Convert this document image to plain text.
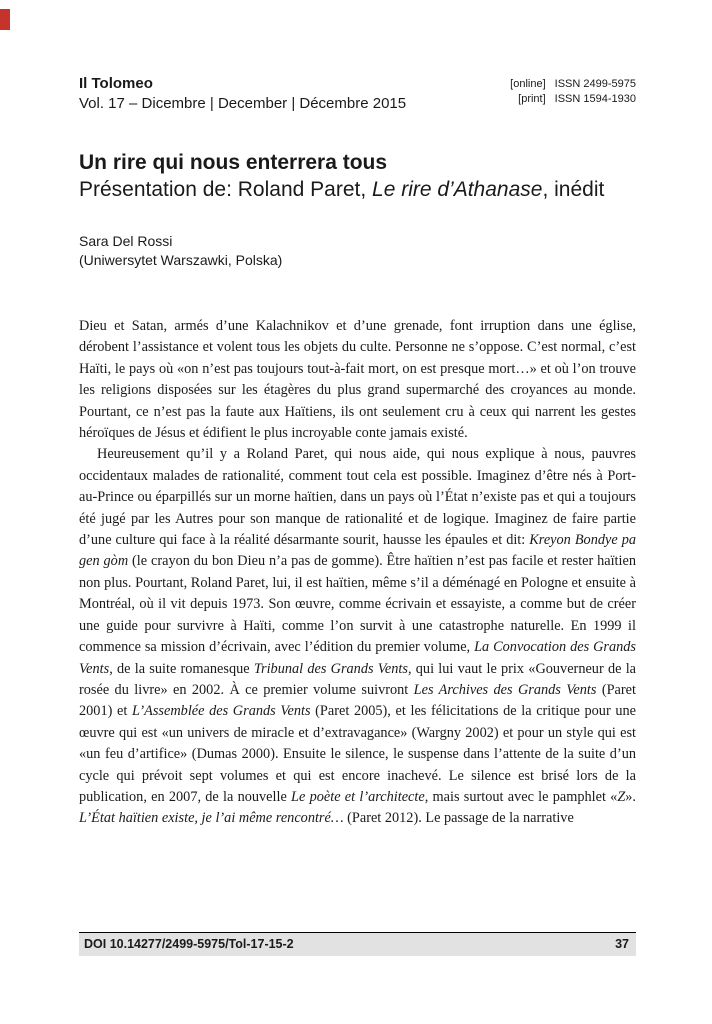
Il Tolomeo
Vol. 17 – Dicembre | December | Décembre 2015
[online] ISSN 2499-5975
[print] ISSN 1594-1930
Un rire qui nous enterrera tous
Présentation de: Roland Paret, Le rire d’Athanase, inédit
Sara Del Rossi
(Uniwersytet Warszawki, Polska)

Dieu et Satan, armés d’une Kalachnikov et d’une grenade, font irruption dans une église, dérobent l’assistance et volent tous les objets du culte. Personne ne s’oppose. C’est normal, c’est Haïti, le pays où «on n’est pas toujours tout-à-fait mort, on est presque mort…» et où l’on trouve les religions disposées sur les étagères du plus grand supermarché des croyances au monde. Pourtant, ce n’est pas la faute aux Haïtiens, ils ont seulement cru à ceux qui narrent les gestes héroïques de Jésus et édifient le plus incroyable conte jamais existé.

Heureusement qu’il y a Roland Paret, qui nous aide, qui nous explique à nous, pauvres occidentaux malades de rationalité, comment tout cela est possible. Imaginez d’être nés à Port-au-Prince ou éparpillés sur un morne haïtien, dans un pays où l’État n’existe pas et qui a toujours été jugé par les Autres pour son manque de rationalité et de logique. Imaginez de faire partie d’une culture qui face à la réalité désarmante sourit, hausse les épaules et dit: Kreyon Bondye pa gen gòm (le crayon du bon Dieu n’a pas de gomme). Être haïtien n’est pas facile et rester haïtien non plus. Pourtant, Roland Paret, lui, il est haïtien, même s’il a déménagé en Pologne et ensuite à Montréal, où il vit depuis 1973. Son œuvre, comme écrivain et essayiste, a comme but de créer une guide pour survivre à Haïti, comme l’on survit à une catastrophe naturelle. En 1999 il commence sa mission d’écrivain, avec l’édition du premier volume, La Convocation des Grands Vents, de la suite romanesque Tribunal des Grands Vents, qui lui vaut le prix «Gouverneur de la rosée du livre» en 2002. À ce premier volume suivront Les Archives des Grands Vents (Paret 2001) et L’Assemblée des Grands Vents (Paret 2005), et les félicitations de la critique pour une œuvre qui est «un univers de miracle et d’extravagance» (Wargny 2002) et pour un style qui est «un feu d’artifice» (Dumas 2000). Ensuite le silence, le suspense dans l’attente de la suite d’un cycle qui prévoit sept volumes et qui est encore inachevé. Le silence est brisé lors de la publication, en 2007, de la nouvelle Le poète et l’architecte, mais surtout avec le pamphlet «Z». L’État haïtien existe, je l’ai même rencontré… (Paret 2012). Le passage de la narrative

DOI 10.14277/2499-5975/Tol-17-15-2	37
